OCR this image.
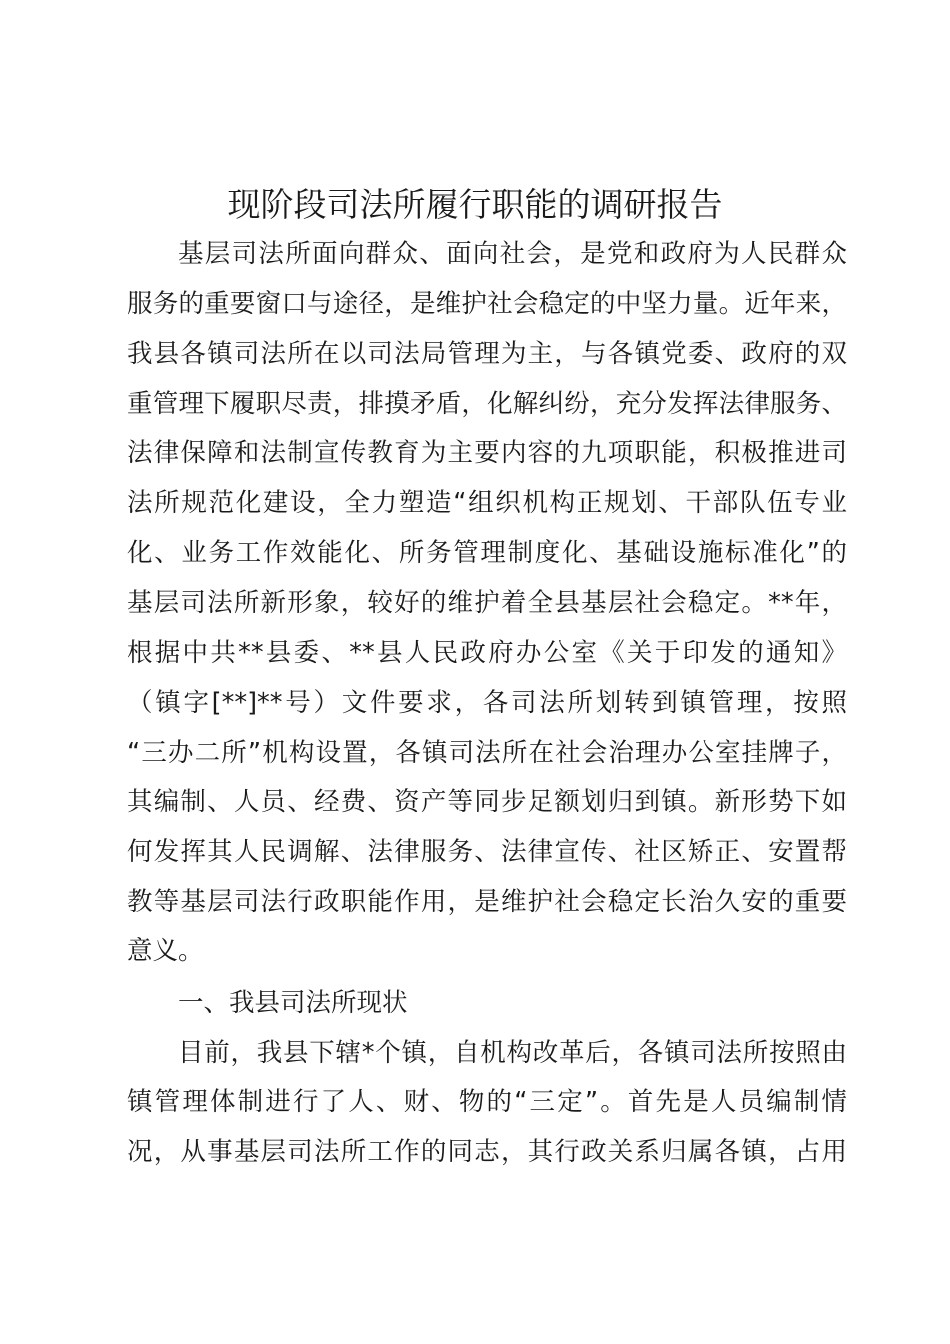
现阶段司法所履行职能的调研报告

基层司法所面向群众、面向社会，是党和政府为人民群众

服务的重要窗口与途径，是维护社会稳定的中坚力量。近年来，

我县各镇司法所在以司法局管理为主，与各镇党委、政府的双

重管理下履职尽责，排摸矛盾，化解纠纷，充分发挥法律服务、

法律保障和法制宣传教育为主要内容的九项职能，积极推进司

法所规范化建设，全力塑造“组织机构正规划、干部队伍专业

化、业务工作效能化、所务管理制度化、基础设施标准化”的

基层司法所新形象，较好的维护着全县基层社会稳定。**年，

根据中共**县委、**县人民政府办公室《关于印发的通知》

（镇字[**]**号）文件要求，各司法所划转到镇管理，按照

“三办二所”机构设置，各镇司法所在社会治理办公室挂牌子，

其编制、人员、经费、资产等同步足额划归到镇。新形势下如

何发挥其人民调解、法律服务、法律宣传、社区矫正、安置帮

教等基层司法行政职能作用，是维护社会稳定长治久安的重要

意义。

一、我县司法所现状

目前，我县下辖*个镇，自机构改革后，各镇司法所按照由

镇管理体制进行了人、财、物的“三定”。首先是人员编制情

况，从事基层司法所工作的同志，其行政关系归属各镇，占用
